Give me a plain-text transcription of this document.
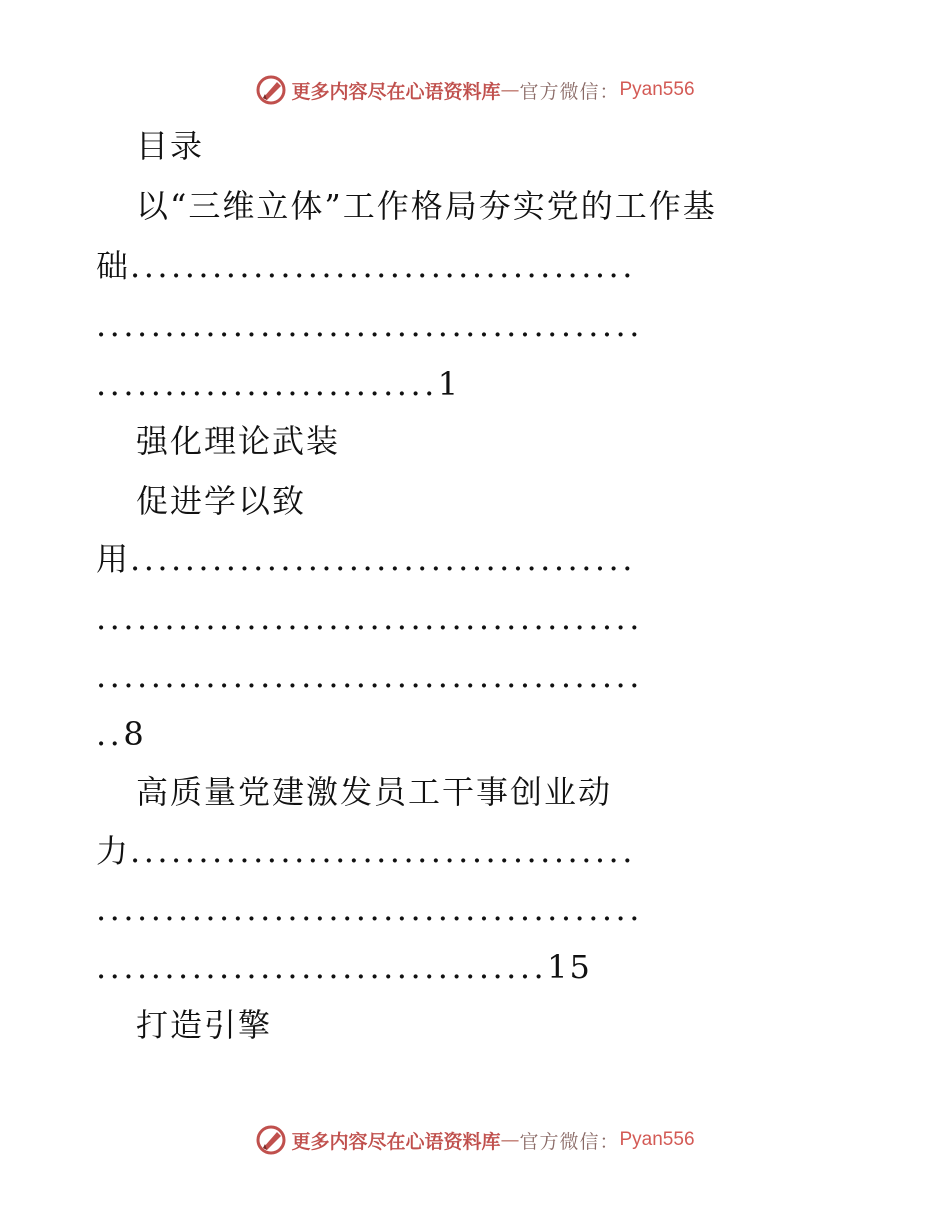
更多内容尽在心语资料库 — 官方微信： Pyan556
目录
以“三维立体”工作格局夯实党的工作基
础.....................................
........................................
.........................1
强化理论武装
促进学以致
用.....................................
........................................
........................................
..8
高质量党建激发员工干事创业动
力.....................................
........................................
.................................15
打造引擎
更多内容尽在心语资料库 — 官方微信： Pyan556
